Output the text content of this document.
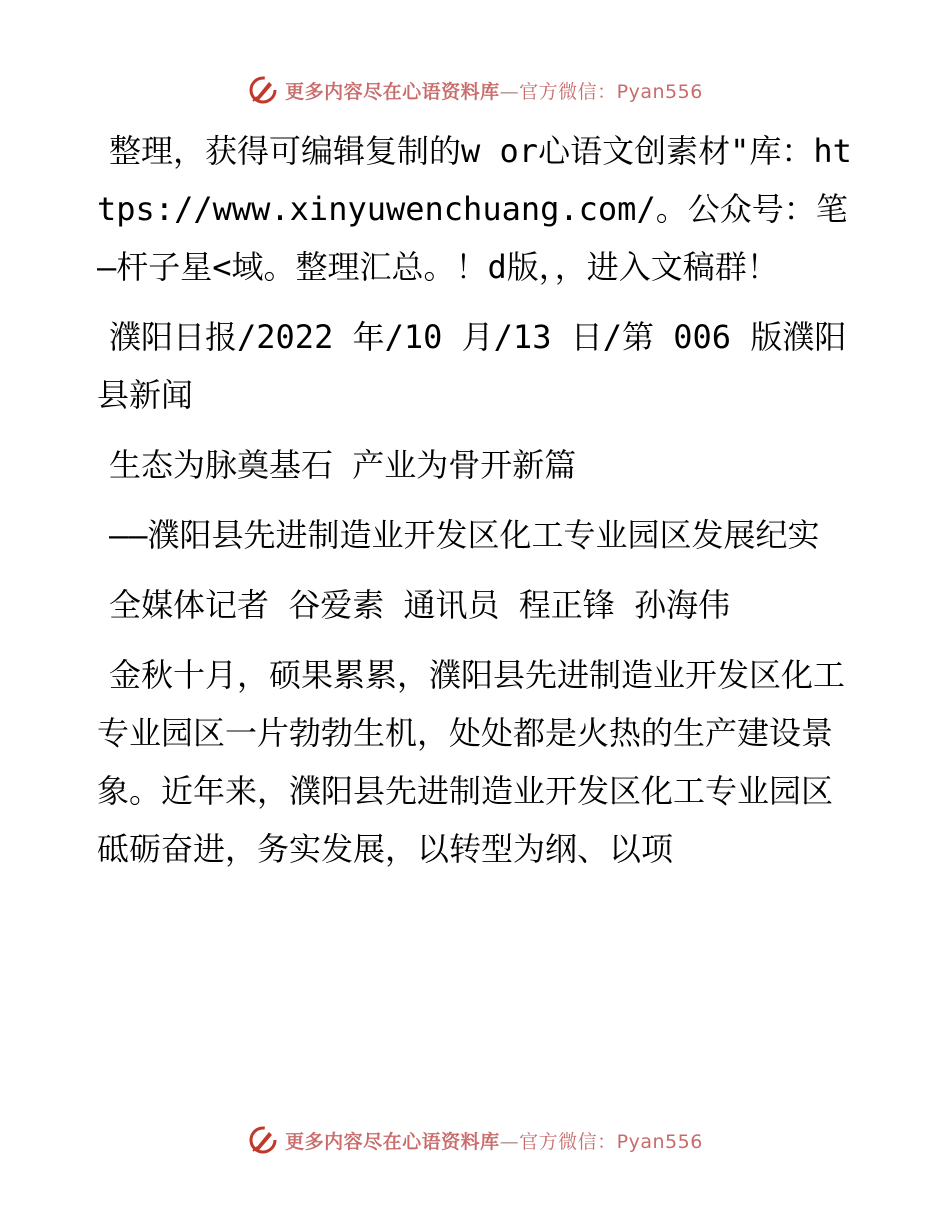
更多内容尽在心语资料库—官方微信：Pyan556

整理，获得可编辑复制的w or心语文创素材"库：https://www.xinyuwenchuang.com/。公众号：笔—杆子星<域。整理汇总。！d版，，进入文稿群！

濮阳日报/2022 年/10 月/13 日/第 006 版濮阳县新闻

生态为脉奠基石 产业为骨开新篇

——濮阳县先进制造业开发区化工专业园区发展纪实

全媒体记者 谷爱素 通讯员 程正锋 孙海伟

金秋十月，硕果累累，濮阳县先进制造业开发区化工专业园区一片勃勃生机，处处都是火热的生产建设景象。近年来，濮阳县先进制造业开发区化工专业园区砥砺奋进，务实发展，以转型为纲、以项

更多内容尽在心语资料库—官方微信：Pyan556
